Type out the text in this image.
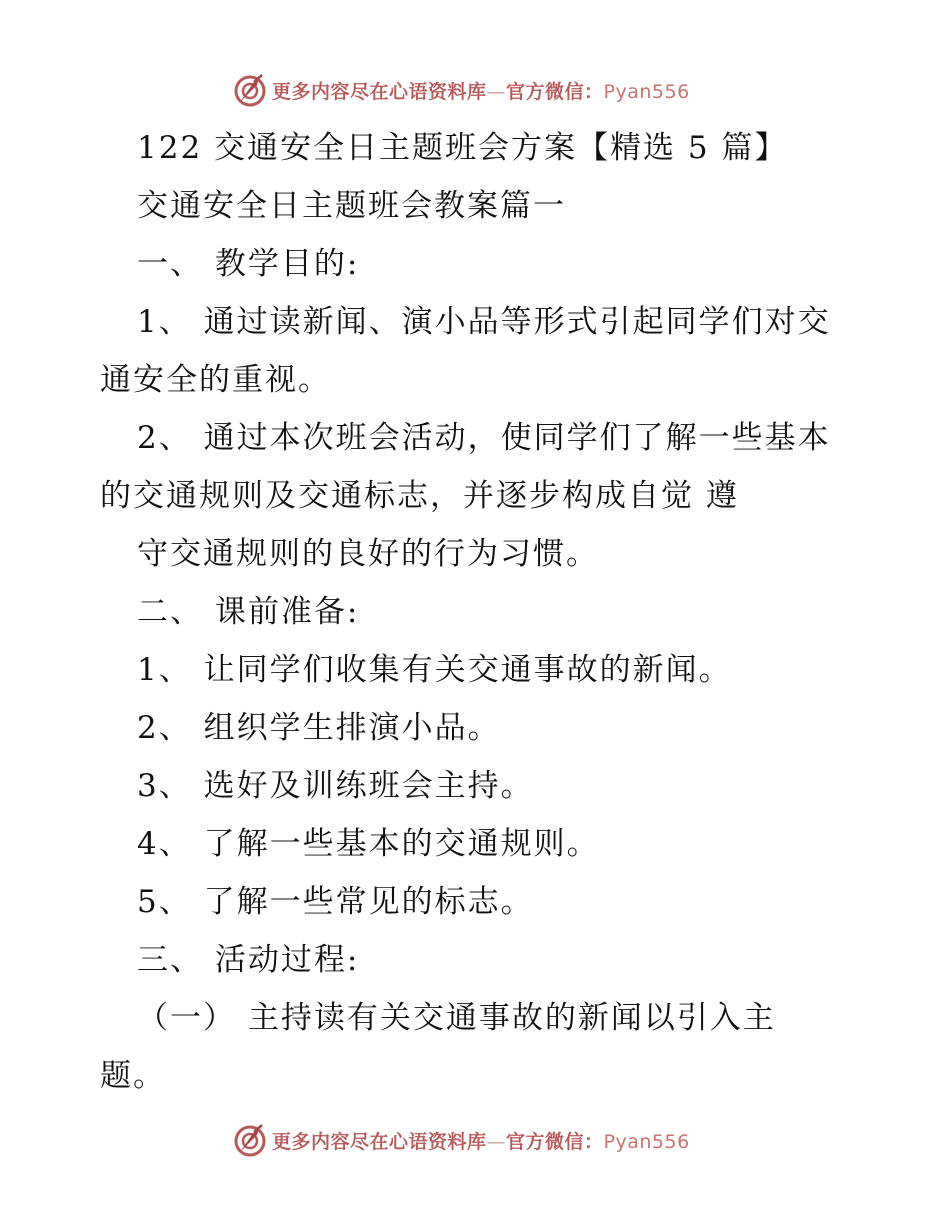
更多内容尽在心语资料库—官方微信：Pyan556
122 交通安全日主题班会方案【精选 5 篇】
交通安全日主题班会教案篇一
一、 教学目的:
1、 通过读新闻、演小品等形式引起同学们对交
通安全的重视。
2、 通过本次班会活动，使同学们了解一些基本
的交通规则及交通标志，并逐步构成自觉 遵
守交通规则的良好的行为习惯。
二、 课前准备:
1、 让同学们收集有关交通事故的新闻。
2、 组织学生排演小品。
3、 选好及训练班会主持。
4、 了解一些基本的交通规则。
5、 了解一些常见的标志。
三、 活动过程:
（一） 主持读有关交通事故的新闻以引入主
题。
更多内容尽在心语资料库—官方微信：Pyan556
